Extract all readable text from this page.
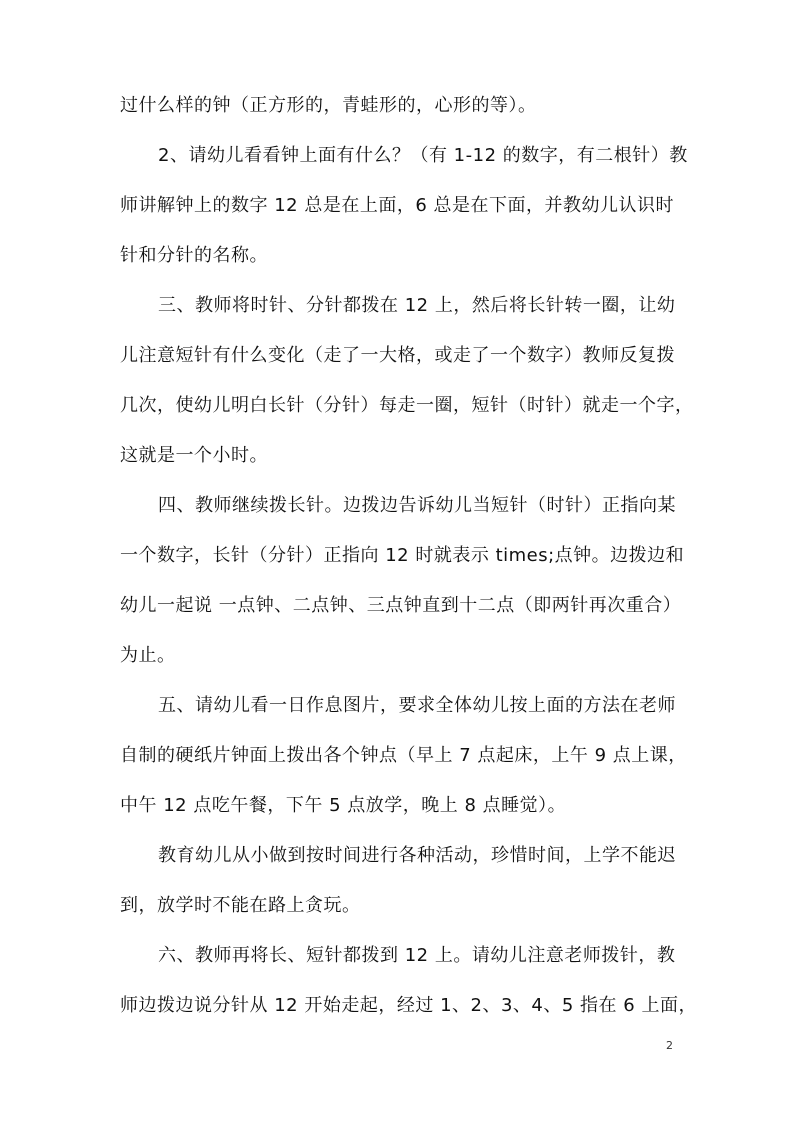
过什么样的钟（正方形的，青蛙形的，心形的等）。
2、请幼儿看看钟上面有什么？（有 1-12 的数字，有二根针）教
师讲解钟上的数字 12 总是在上面，6 总是在下面，并教幼儿认识时
针和分针的名称。
三、教师将时针、分针都拨在 12 上，然后将长针转一圈，让幼
儿注意短针有什么变化（走了一大格，或走了一个数字）教师反复拨
几次，使幼儿明白长针（分针）每走一圈，短针（时针）就走一个字，
这就是一个小时。
四、教师继续拨长针。边拨边告诉幼儿当短针（时针）正指向某
一个数字，长针（分针）正指向 12 时就表示 times;点钟。边拨边和
幼儿一起说 一点钟、二点钟、三点钟直到十二点（即两针再次重合）
为止。
五、请幼儿看一日作息图片，要求全体幼儿按上面的方法在老师
自制的硬纸片钟面上拨出各个钟点（早上 7 点起床，上午 9 点上课，
中午 12 点吃午餐，下午 5 点放学，晚上 8 点睡觉）。
教育幼儿从小做到按时间进行各种活动，珍惜时间，上学不能迟
到，放学时不能在路上贪玩。
六、教师再将长、短针都拨到 12 上。请幼儿注意老师拨针，教
师边拨边说分针从 12 开始走起，经过 1、2、3、4、5 指在 6 上面，
2
